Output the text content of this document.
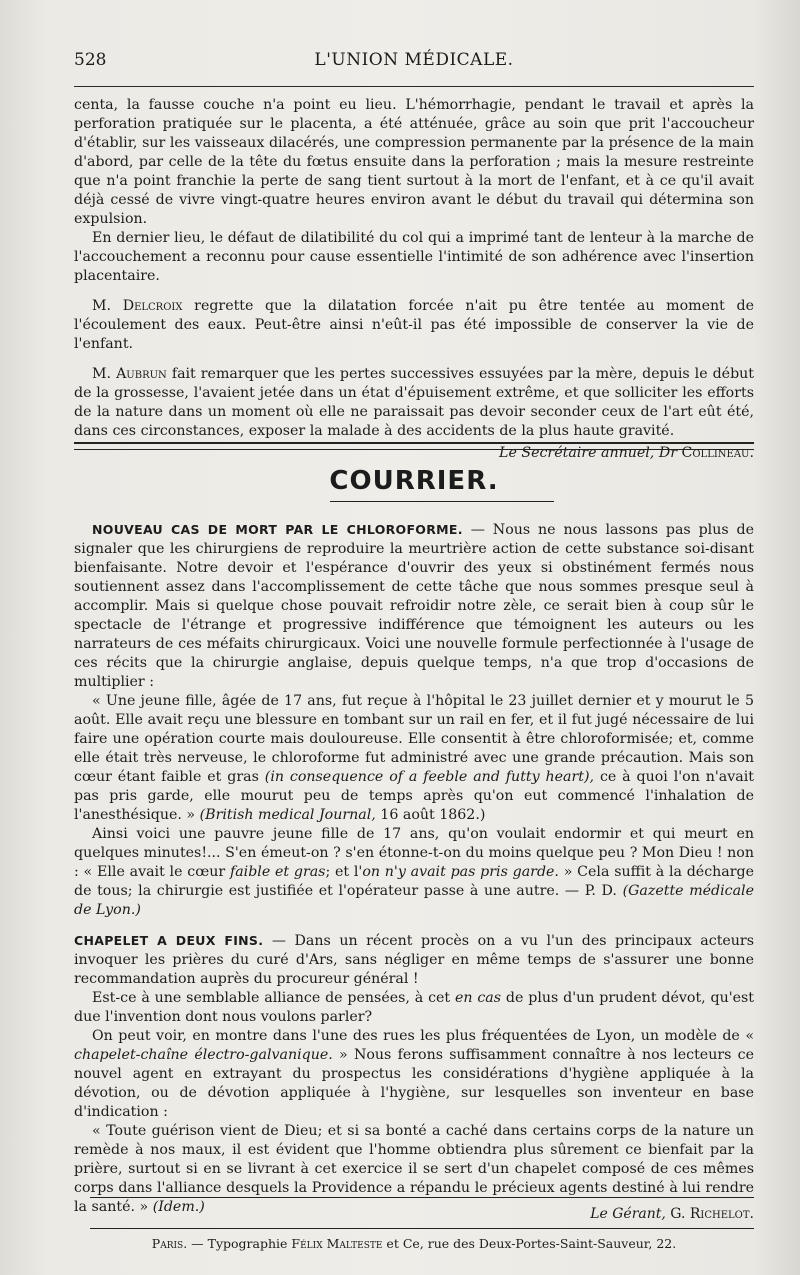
528	L'UNION MÉDICALE.

centa, la fausse couche n'a point eu lieu. L'hémorrhagie, pendant le travail et après la perforation pratiquée sur le placenta, a été atténuée, grâce au soin que prit l'accoucheur d'établir, sur les vaisseaux dilacérés, une compression permanente par la présence de la main d'abord, par celle de la tête du fœtus ensuite dans la perforation ; mais la mesure restreinte que n'a point franchie la perte de sang tient surtout à la mort de l'enfant, et à ce qu'il avait déjà cessé de vivre vingt-quatre heures environ avant le début du travail qui détermina son expulsion.

En dernier lieu, le défaut de dilatibilité du col qui a imprimé tant de lenteur à la marche de l'accouchement a reconnu pour cause essentielle l'intimité de son adhérence avec l'insertion placentaire.

M. Delcroix regrette que la dilatation forcée n'ait pu être tentée au moment de l'écoulement des eaux. Peut-être ainsi n'eût-il pas été impossible de conserver la vie de l'enfant.

M. Aubrun fait remarquer que les pertes successives essuyées par la mère, depuis le début de la grossesse, l'avaient jetée dans un état d'épuisement extrême, et que solliciter les efforts de la nature dans un moment où elle ne paraissait pas devoir seconder ceux de l'art eût été, dans ces circonstances, exposer la malade à des accidents de la plus haute gravité.

Le Secrétaire annuel, Dr Collineau.

COURRIER.

NOUVEAU CAS DE MORT PAR LE CHLOROFORME. — Nous ne nous lassons pas plus de signaler que les chirurgiens de reproduire la meurtrière action de cette substance soi-disant bienfaisante. Notre devoir et l'espérance d'ouvrir des yeux si obstinément fermés nous soutiennent assez dans l'accomplissement de cette tâche que nous sommes presque seul à accomplir. Mais si quelque chose pouvait refroidir notre zèle, ce serait bien à coup sûr le spectacle de l'étrange et progressive indifférence que témoignent les auteurs ou les narrateurs de ces méfaits chirurgicaux. Voici une nouvelle formule perfectionnée à l'usage de ces récits que la chirurgie anglaise, depuis quelque temps, n'a que trop d'occasions de multiplier :

« Une jeune fille, âgée de 17 ans, fut reçue à l'hôpital le 23 juillet dernier et y mourut le 5 août. Elle avait reçu une blessure en tombant sur un rail en fer, et il fut jugé nécessaire de lui faire une opération courte mais douloureuse. Elle consentit à être chloroformisée; et, comme elle était très nerveuse, le chloroforme fut administré avec une grande précaution. Mais son cœur étant faible et gras (in consequence of a feeble and futty heart), ce à quoi l'on n'avait pas pris garde, elle mourut peu de temps après qu'on eut commencé l'inhalation de l'anesthésique. » (British medical Journal, 16 août 1862.)

Ainsi voici une pauvre jeune fille de 17 ans, qu'on voulait endormir et qui meurt en quelques minutes!... S'en émeut-on ? s'en étonne-t-on du moins quelque peu ? Mon Dieu ! non : « Elle avait le cœur faible et gras; et l'on n'y avait pas pris garde. » Cela suffit à la décharge de tous; la chirurgie est justifiée et l'opérateur passe à une autre. — P. D. (Gazette médicale de Lyon.)

CHAPELET A DEUX FINS. — Dans un récent procès on a vu l'un des principaux acteurs invoquer les prières du curé d'Ars, sans négliger en même temps de s'assurer une bonne recommandation auprès du procureur général !

Est-ce à une semblable alliance de pensées, à cet en cas de plus d'un prudent dévot, qu'est due l'invention dont nous voulons parler?

On peut voir, en montre dans l'une des rues les plus fréquentées de Lyon, un modèle de « chapelet-chaîne électro-galvanique. » Nous ferons suffisamment connaître à nos lecteurs ce nouvel agent en extrayant du prospectus les considérations d'hygiène appliquée à la dévotion, ou de dévotion appliquée à l'hygiène, sur lesquelles son inventeur en base d'indication :

« Toute guérison vient de Dieu; et si sa bonté a caché dans certains corps de la nature un remède à nos maux, il est évident que l'homme obtiendra plus sûrement ce bienfait par la prière, surtout si en se livrant à cet exercice il se sert d'un chapelet composé de ces mêmes corps dans l'alliance desquels la Providence a répandu le précieux agents destiné à lui rendre la santé. » (Idem.)	Le Gérant, G. Richelot.
Paris. — Typographie Félix Malteste et Ce, rue des Deux-Portes-Saint-Sauveur, 22.
